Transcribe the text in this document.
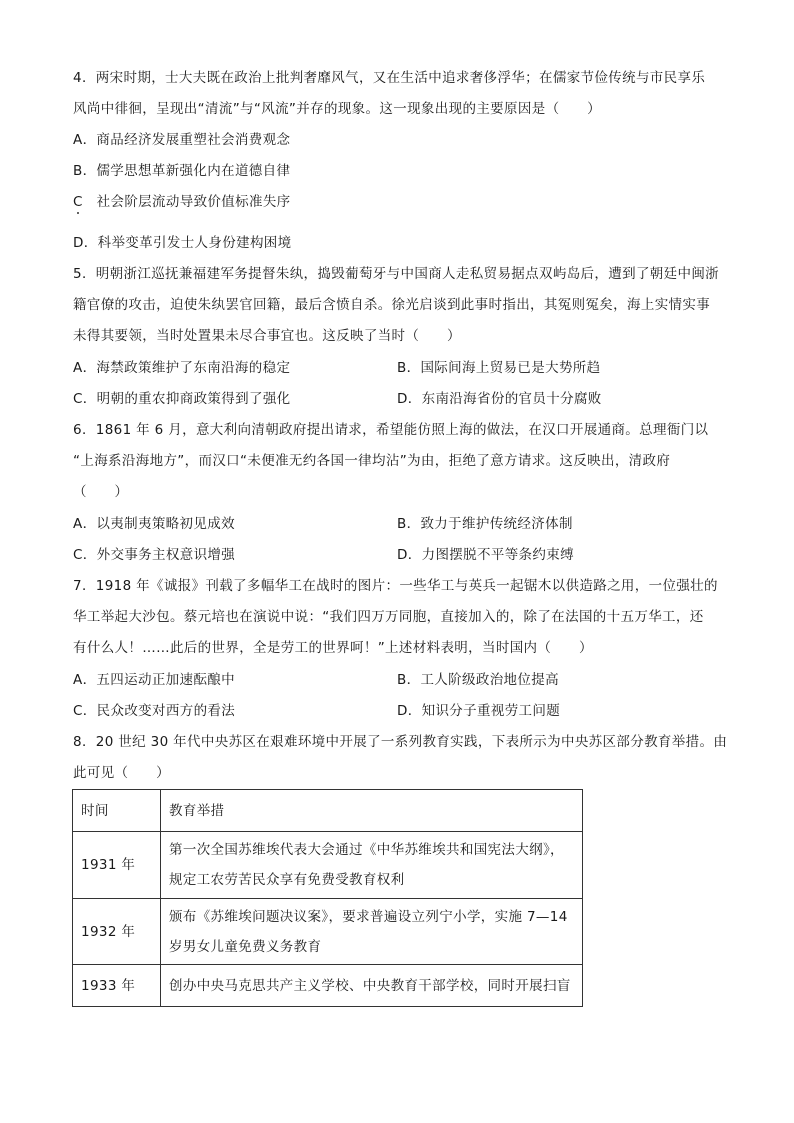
4．两宋时期，士大夫既在政治上批判奢靡风气，又在生活中追求奢侈浮华；在儒家节俭传统与市民享乐
风尚中徘徊，呈现出“清流”与“风流”并存的现象。这一现象出现的主要原因是（　　）
A．商品经济发展重塑社会消费观念
B．儒学思想革新强化内在道德自律
C　社会阶层流动导致价值标准失序
D．科举变革引发士人身份建构困境
5．明朝浙江巡抚兼福建军务提督朱纨，捣毁葡萄牙与中国商人走私贸易据点双屿岛后，遭到了朝廷中闽浙
籍官僚的攻击，迫使朱纨罢官回籍，最后含愤自杀。徐光启谈到此事时指出，其冤则冤矣，海上实情实事
未得其要领，当时处置果未尽合事宜也。这反映了当时（　　）
A．海禁政策维护了东南沿海的稳定	B．国际间海上贸易已是大势所趋
C．明朝的重农抑商政策得到了强化	D．东南沿海省份的官员十分腐败
6．1861 年 6 月，意大利向清朝政府提出请求，希望能仿照上海的做法，在汉口开展通商。总理衙门以
“上海系沿海地方”，而汉口“未便准无约各国一律均沾”为由，拒绝了意方请求。这反映出，清政府
（　　）
A．以夷制夷策略初见成效	B．致力于维护传统经济体制
C．外交事务主权意识增强	D．力图摆脱不平等条约束缚
7．1918 年《诚报》刊载了多幅华工在战时的图片：一些华工与英兵一起锯木以供造路之用，一位强壮的
华工举起大沙包。蔡元培也在演说中说：“我们四万万同胞，直接加入的，除了在法国的十五万华工，还
有什么人！……此后的世界，全是劳工的世界呵！”上述材料表明，当时国内（　　）
A．五四运动正加速酝酿中	B．工人阶级政治地位提高
C．民众改变对西方的看法	D．知识分子重视劳工问题
8．20 世纪 30 年代中央苏区在艰难环境中开展了一系列教育实践，下表所示为中央苏区部分教育举措。由
此可见（　　）
时间	教育举措
1931 年	第一次全国苏维埃代表大会通过《中华苏维埃共和国宪法大纲》，规定工农劳苦民众享有免费受教育权利
1932 年	颁布《苏维埃问题决议案》，要求普遍设立列宁小学，实施 7—14 岁男女儿童免费义务教育
1933 年	创办中央马克思共产主义学校、中央教育干部学校，同时开展扫盲
